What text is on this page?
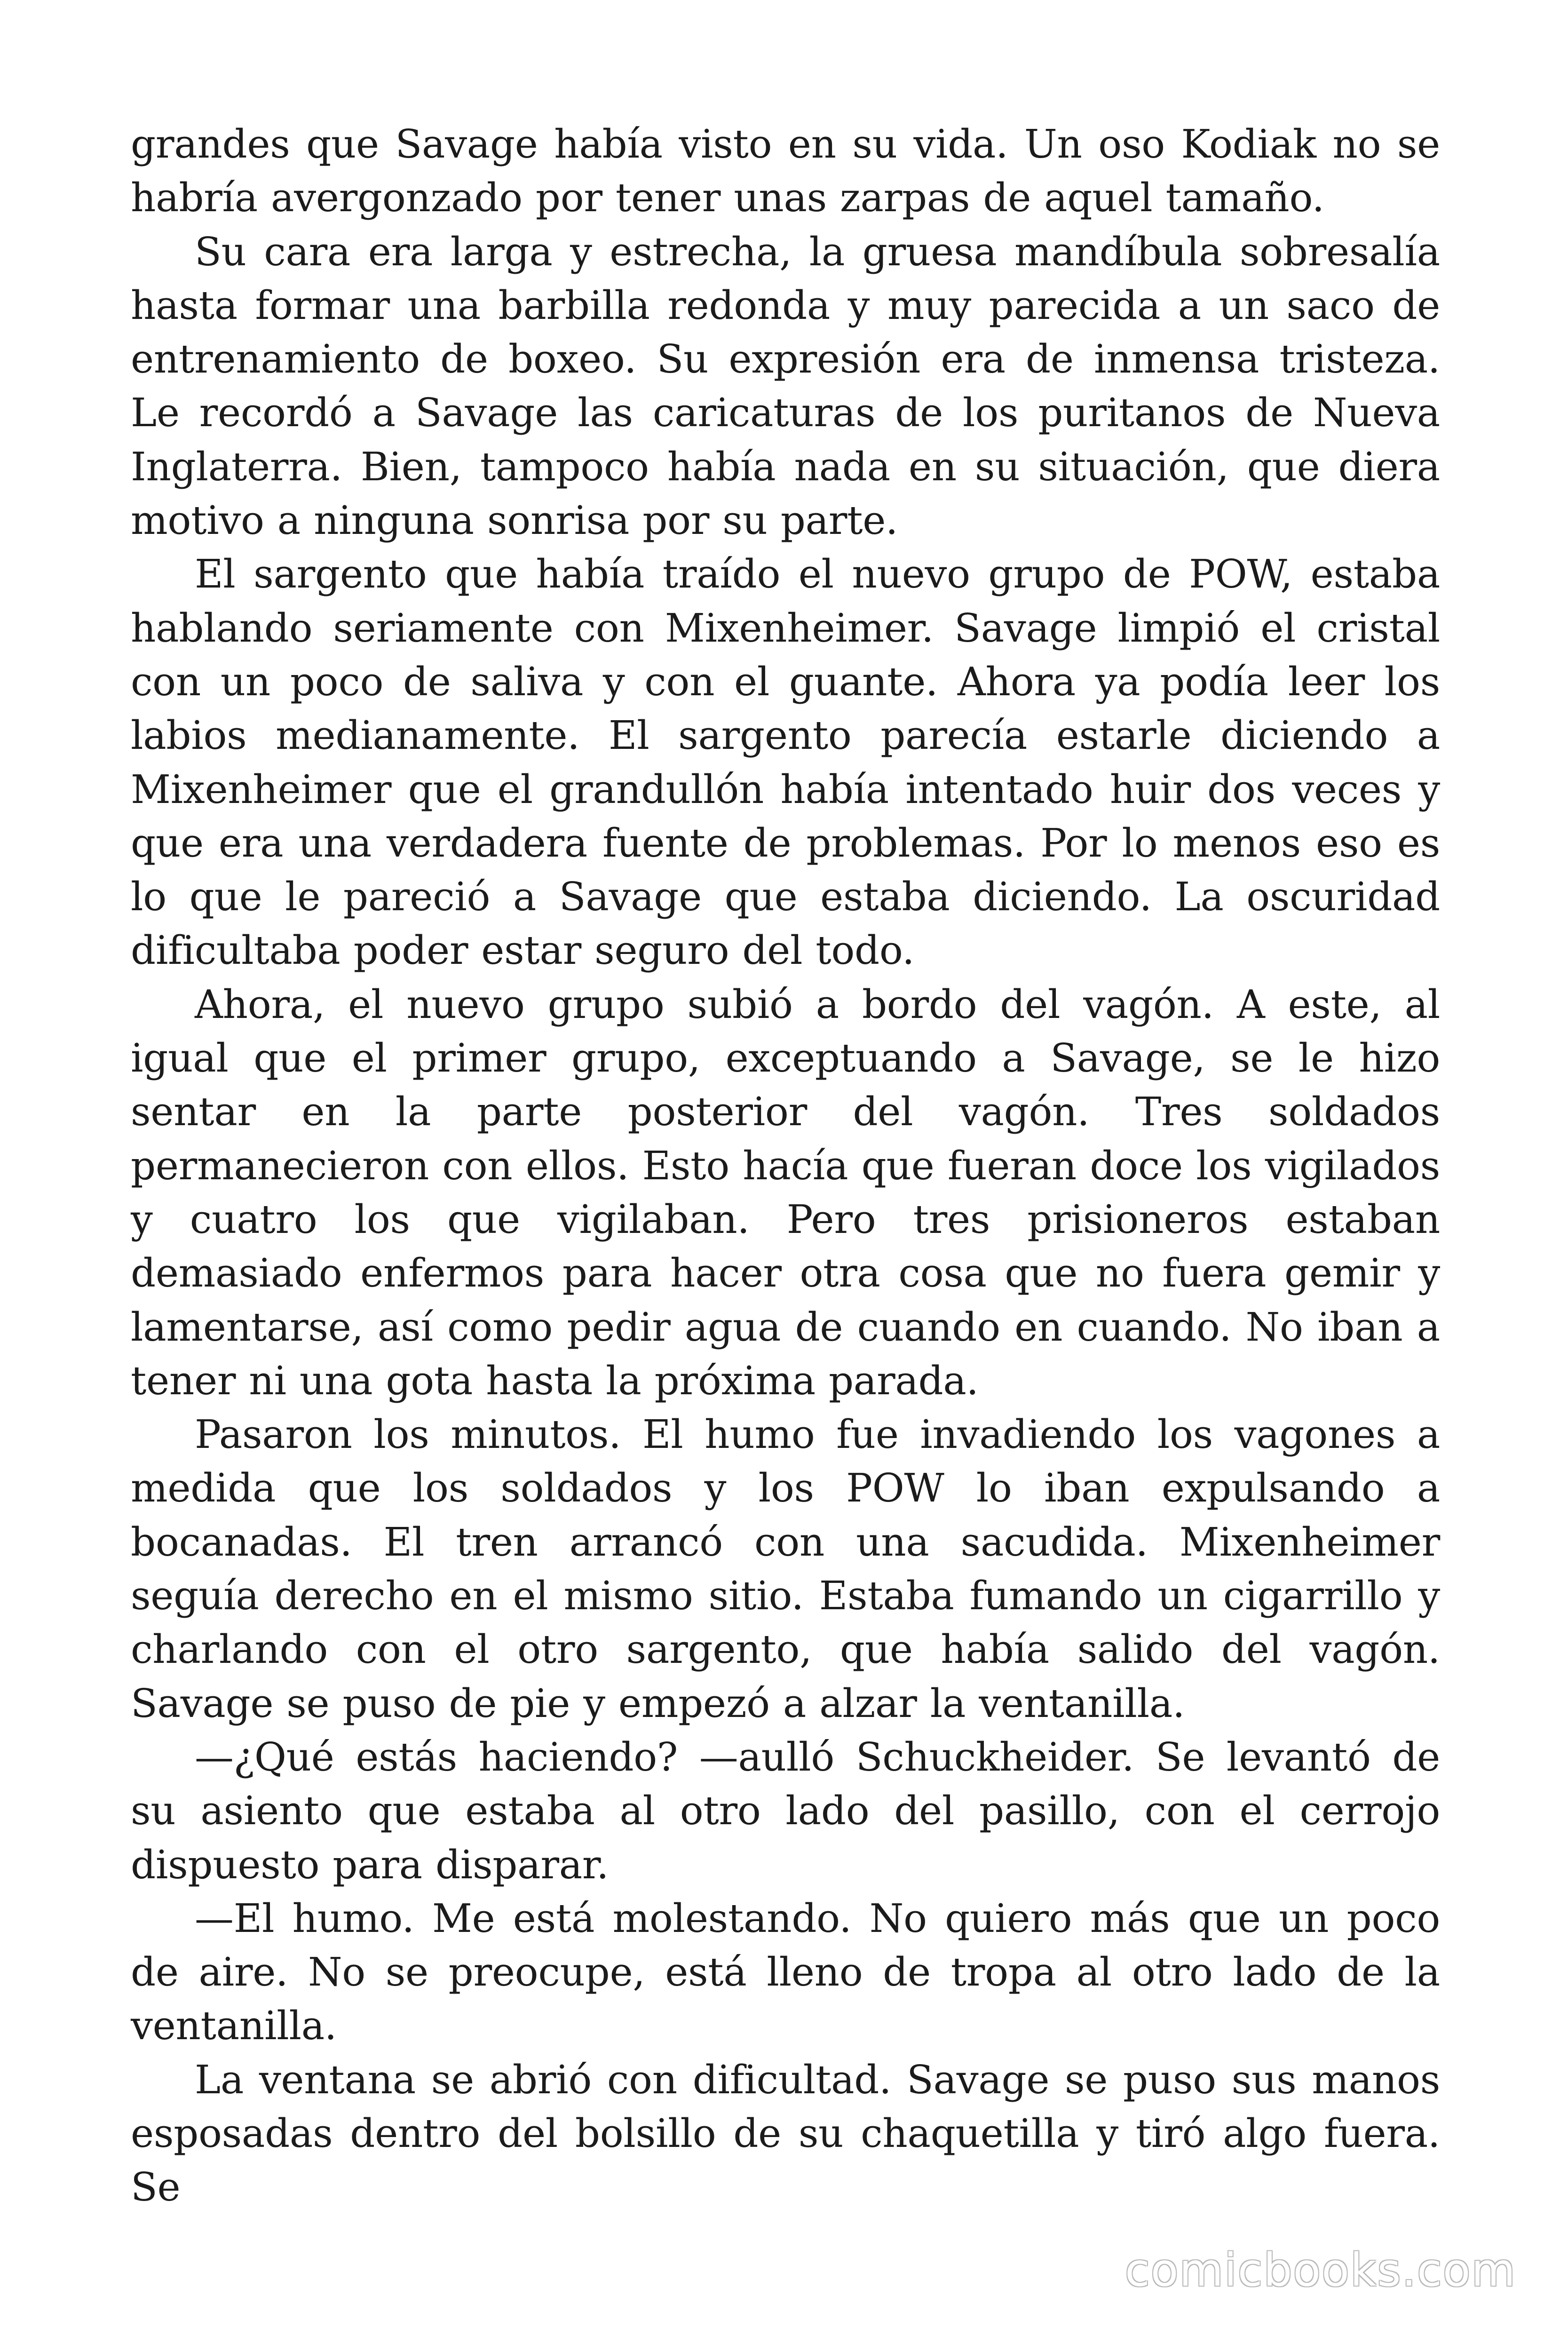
grandes que Savage había visto en su vida. Un oso Kodiak no se habría avergonzado por tener unas zarpas de aquel tamaño.

Su cara era larga y estrecha, la gruesa mandíbula sobresalía hasta formar una barbilla redonda y muy parecida a un saco de entrenamiento de boxeo. Su expresión era de inmensa tristeza. Le recordó a Savage las caricaturas de los puritanos de Nueva Inglaterra. Bien, tampoco había nada en su situación, que diera motivo a ninguna sonrisa por su parte.

El sargento que había traído el nuevo grupo de POW, estaba hablando seriamente con Mixenheimer. Savage limpió el cristal con un poco de saliva y con el guante. Ahora ya podía leer los labios medianamente. El sargento parecía estarle diciendo a Mixenheimer que el grandullón había intentado huir dos veces y que era una verdadera fuente de problemas. Por lo menos eso es lo que le pareció a Savage que estaba diciendo. La oscuridad dificultaba poder estar seguro del todo.

Ahora, el nuevo grupo subió a bordo del vagón. A este, al igual que el primer grupo, exceptuando a Savage, se le hizo sentar en la parte posterior del vagón. Tres soldados permanecieron con ellos. Esto hacía que fueran doce los vigilados y cuatro los que vigilaban. Pero tres prisioneros estaban demasiado enfermos para hacer otra cosa que no fuera gemir y lamentarse, así como pedir agua de cuando en cuando. No iban a tener ni una gota hasta la próxima parada.

Pasaron los minutos. El humo fue invadiendo los vagones a medida que los soldados y los POW lo iban expulsando a bocanadas. El tren arrancó con una sacudida. Mixenheimer seguía derecho en el mismo sitio. Estaba fumando un cigarrillo y charlando con el otro sargento, que había salido del vagón. Savage se puso de pie y empezó a alzar la ventanilla.

—¿Qué estás haciendo? —aulló Schuckheider. Se levantó de su asiento que estaba al otro lado del pasillo, con el cerrojo dispuesto para disparar.

—El humo. Me está molestando. No quiero más que un poco de aire. No se preocupe, está lleno de tropa al otro lado de la ventanilla.

La ventana se abrió con dificultad. Savage se puso sus manos esposadas dentro del bolsillo de su chaquetilla y tiró algo fuera. Se

comicbooks.com
